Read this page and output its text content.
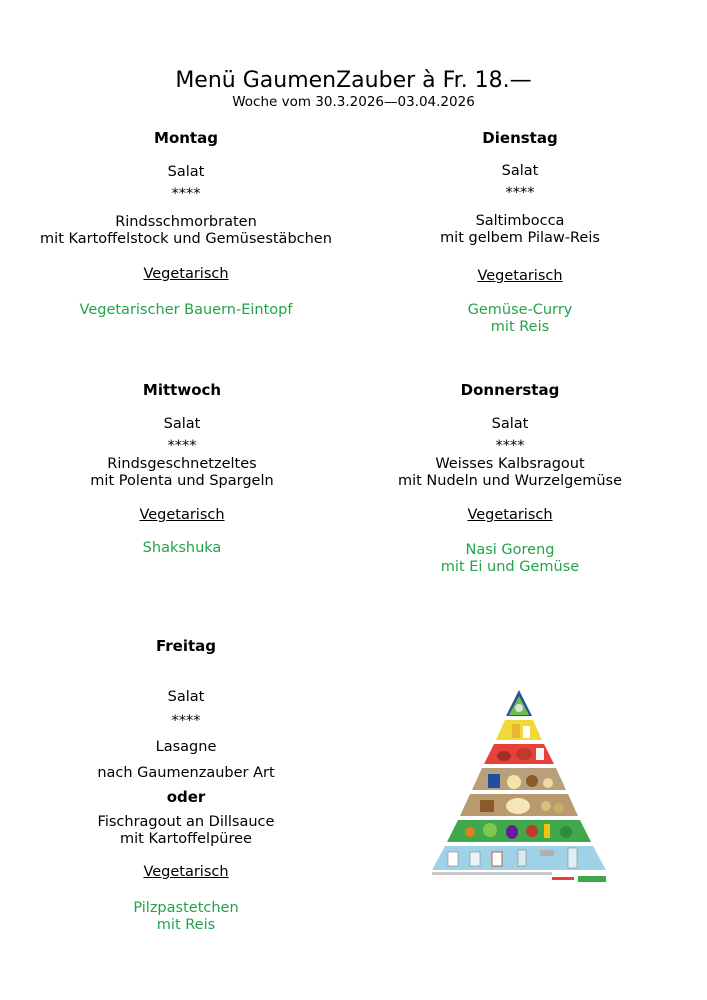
Menü GaumenZauber à Fr. 18.—
Woche vom 30.3.2026—03.04.2026
Montag
Salat
****
Rindsschmorbraten
mit Kartoffelstock und Gemüsestäbchen
Vegetarisch
Vegetarischer Bauern-Eintopf
Dienstag
Salat
****
Saltimbocca
mit gelbem Pilaw-Reis
Vegetarisch
Gemüse-Curry
mit Reis
Mittwoch
Salat
****
Rindsgeschnetzeltes
mit Polenta und Spargeln
Vegetarisch
Shakshuka
Donnerstag
Salat
****
Weisses Kalbsragout
mit Nudeln und Wurzelgemüse
Vegetarisch
Nasi Goreng
mit Ei und Gemüse
Freitag
Salat
****
Lasagne
nach Gaumenzauber Art
oder
Fischragout an Dillsauce
mit Kartoffelpüree
Vegetarisch
Pilzpastetchen
mit Reis
